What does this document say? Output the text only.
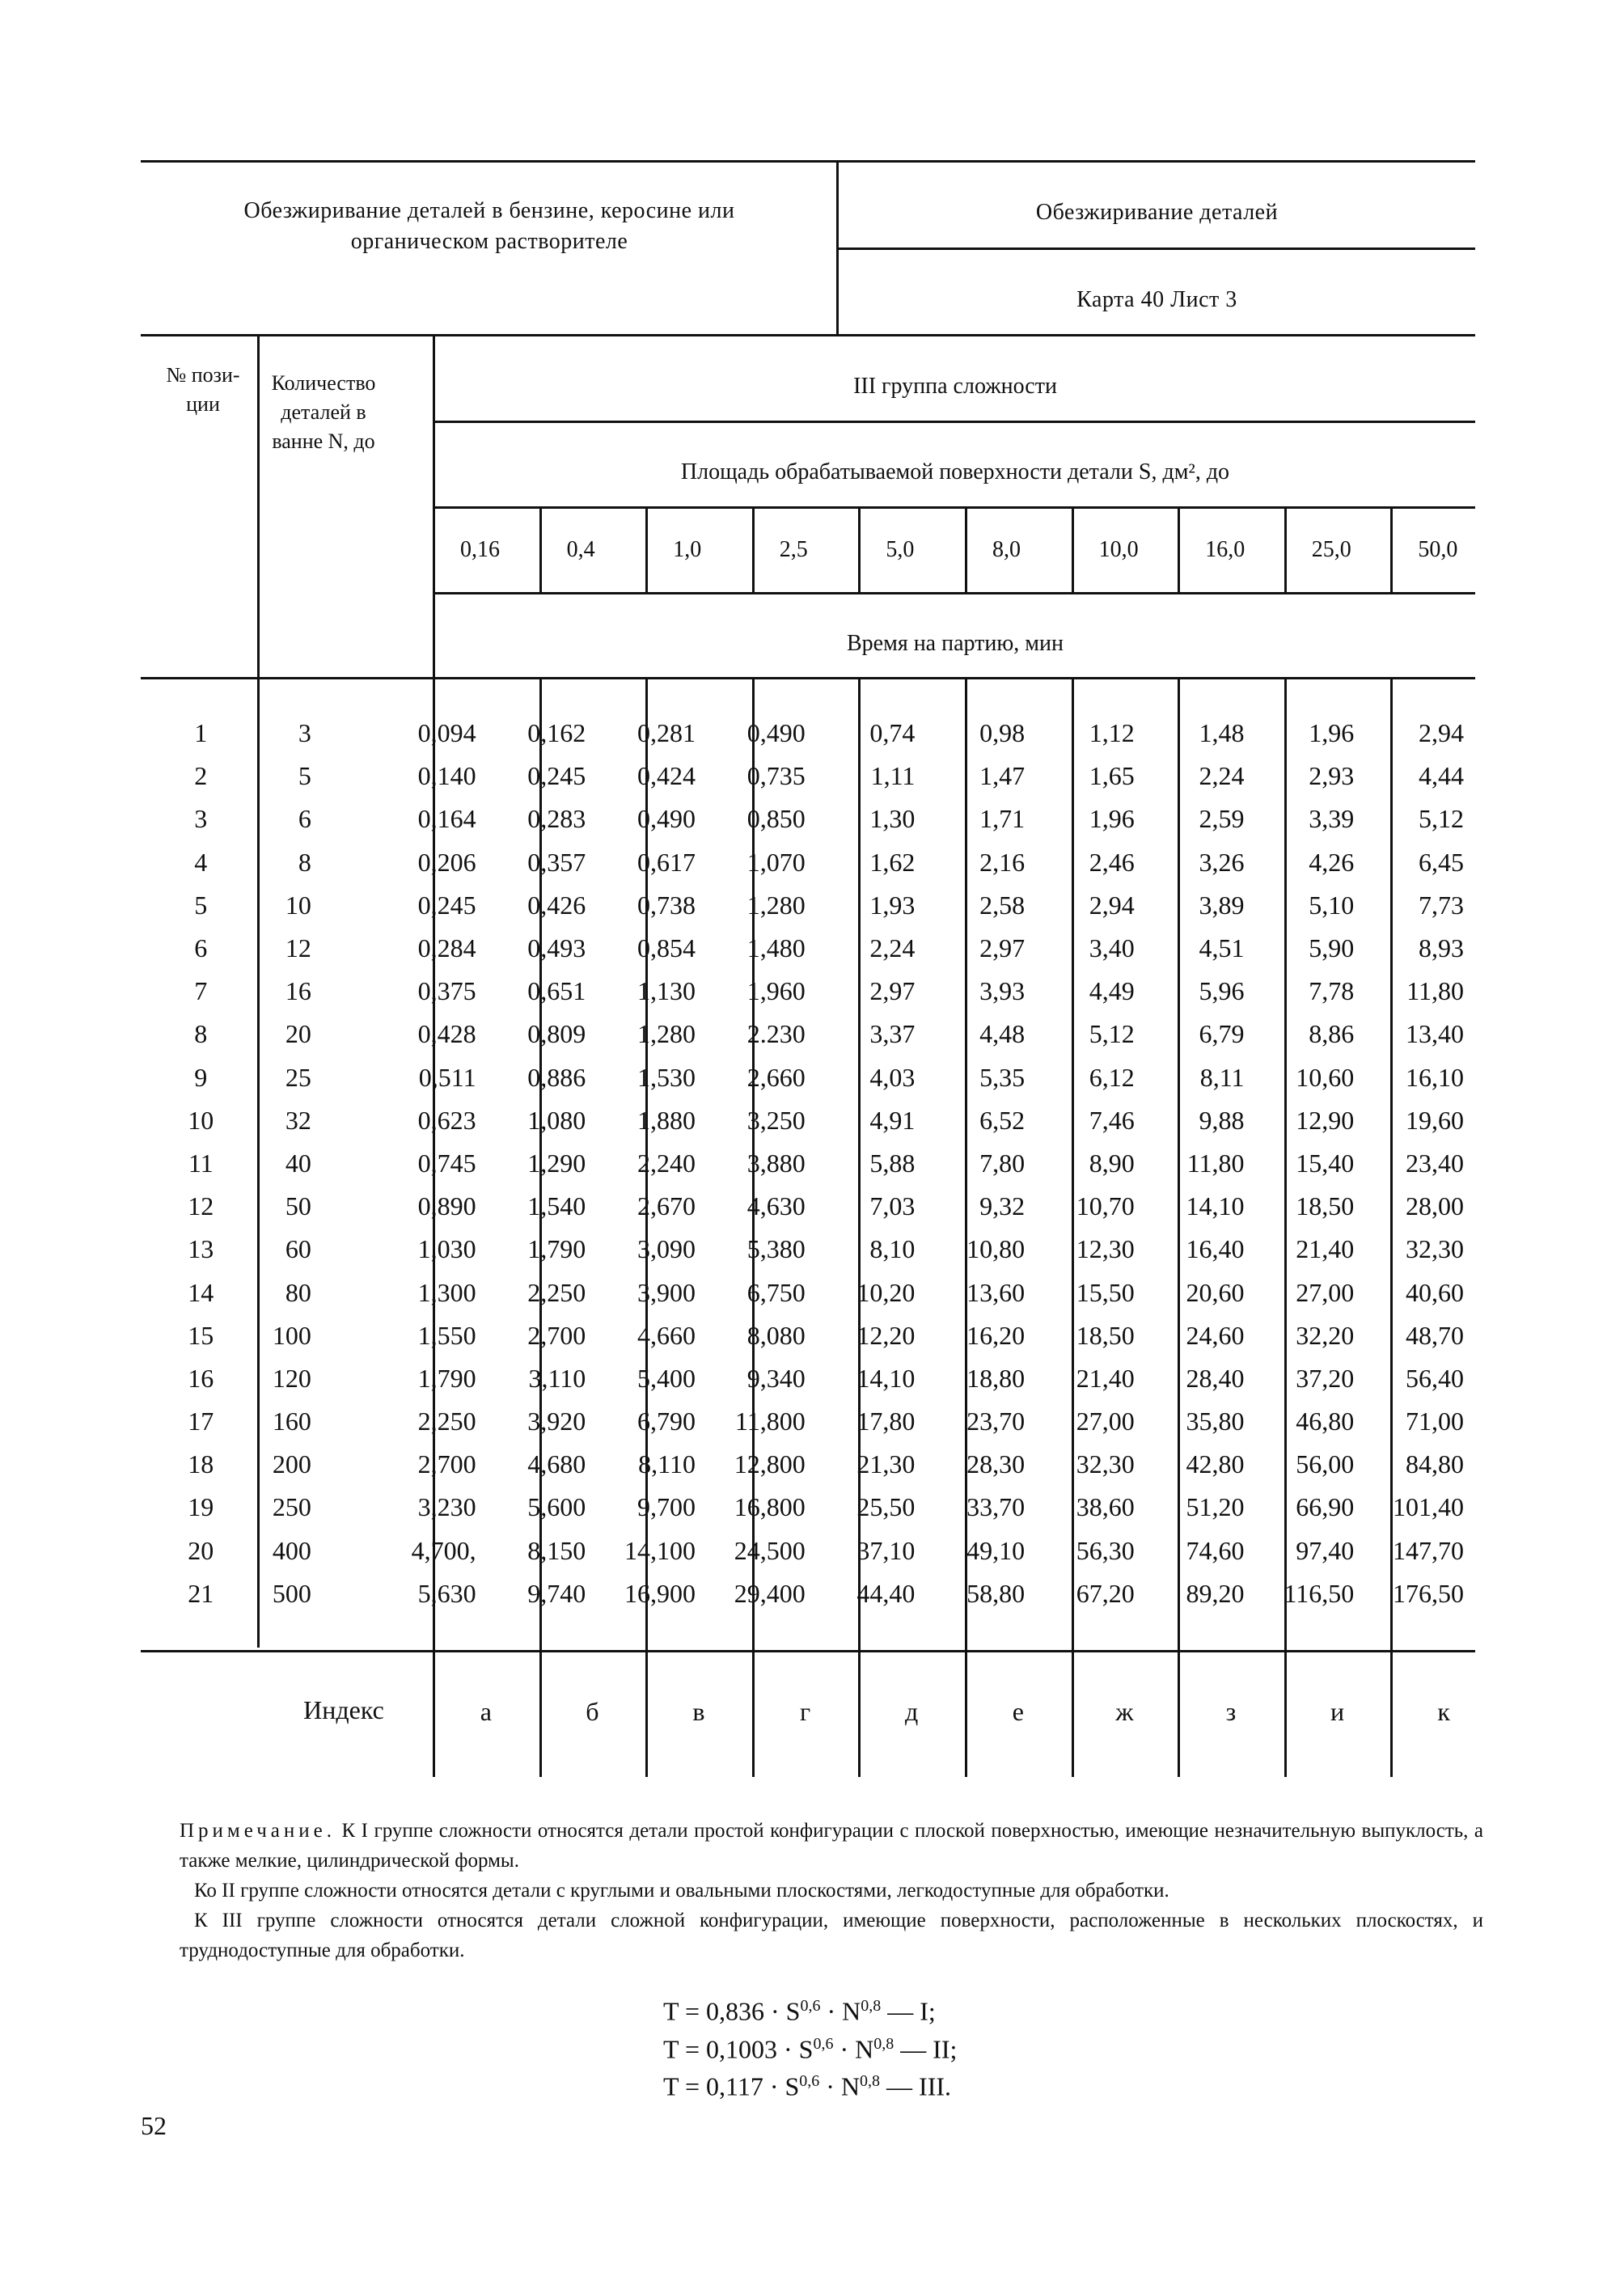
Обезжиривание деталей в бензине, керосине или органическом растворителе
Обезжиривание деталей
Карта 40 Лист 3
№ пози- ции
Количество деталей в ванне N, до
III группа сложности
Площадь обрабатываемой поверхности детали S, дм², до
0,16	0,4	1,0	2,5	5,0	8,0	10,0	16,0	25,0	50,0
Время на партию, мин
1	3	0,094	0,162	0,281	0,490	0,74	0,98	1,12	1,48	1,96	2,94
2	5	0,140	0,245	0,424	0,735	1,11	1,47	1,65	2,24	2,93	4,44
3	6	0,164	0,283	0,490	0,850	1,30	1,71	1,96	2,59	3,39	5,12
4	8	0,206	0,357	0,617	1,070	1,62	2,16	2,46	3,26	4,26	6,45
5	10	0,245	0,426	0,738	1,280	1,93	2,58	2,94	3,89	5,10	7,73
6	12	0,284	0,493	0,854	1,480	2,24	2,97	3,40	4,51	5,90	8,93
7	16	0,375	0,651	1,130	1,960	2,97	3,93	4,49	5,96	7,78	11,80
8	20	0,428	0,809	1,280	2.230	3,37	4,48	5,12	6,79	8,86	13,40
9	25	0,511	0,886	1,530	2,660	4,03	5,35	6,12	8,11	10,60	16,10
10	32	0,623	1,080	1,880	3,250	4,91	6,52	7,46	9,88	12,90	19,60
11	40	0,745	1,290	2,240	3,880	5,88	7,80	8,90	11,80	15,40	23,40
12	50	0,890	1,540	2,670	4,630	7,03	9,32	10,70	14,10	18,50	28,00
13	60	1,030	1,790	3,090	5,380	8,10	10,80	12,30	16,40	21,40	32,30
14	80	1,300	2,250	3,900	6,750	10,20	13,60	15,50	20,60	27,00	40,60
15	100	1,550	2,700	4,660	8,080	12,20	16,20	18,50	24,60	32,20	48,70
16	120	1,790	3,110	5,400	9,340	14,10	18,80	21,40	28,40	37,20	56,40
17	160	2,250	3,920	6,790	11,800	17,80	23,70	27,00	35,80	46,80	71,00
18	200	2,700	4,680	8,110	12,800	21,30	28,30	32,30	42,80	56,00	84,80
19	250	3,230	5,600	9,700	16,800	25,50	33,70	38,60	51,20	66,90	101,40
20	400	4,700,	8,150	14,100	24,500	37,10	49,10	56,30	74,60	97,40	147,70
21	500	5,630	9,740	16,900	29,400	44,40	58,80	67,20	89,20	116,50	176,50
Индекс	а	б	в	г	д	е	ж	з	и	к

Примечание. К I группе сложности относятся детали простой конфигурации с плоской поверхностью, имеющие незначительную выпуклость, а также мелкие, цилиндрической формы.

Ко II группе сложности относятся детали с круглыми и овальными плоскостями, легкодоступные для обработки.

К III группе сложности относятся детали сложной конфигурации, имеющие поверхности, расположенные в нескольких плоскостях, и труднодоступные для обработки.

T = 0,836 · S$^{0,6}$ · N$^{0,8}$ — I;
T = 0,1003 · S$^{0,6}$ · N$^{0,8}$ — II;
T = 0,117 · S$^{0,6}$ · N$^{0,8}$ — III.
52
